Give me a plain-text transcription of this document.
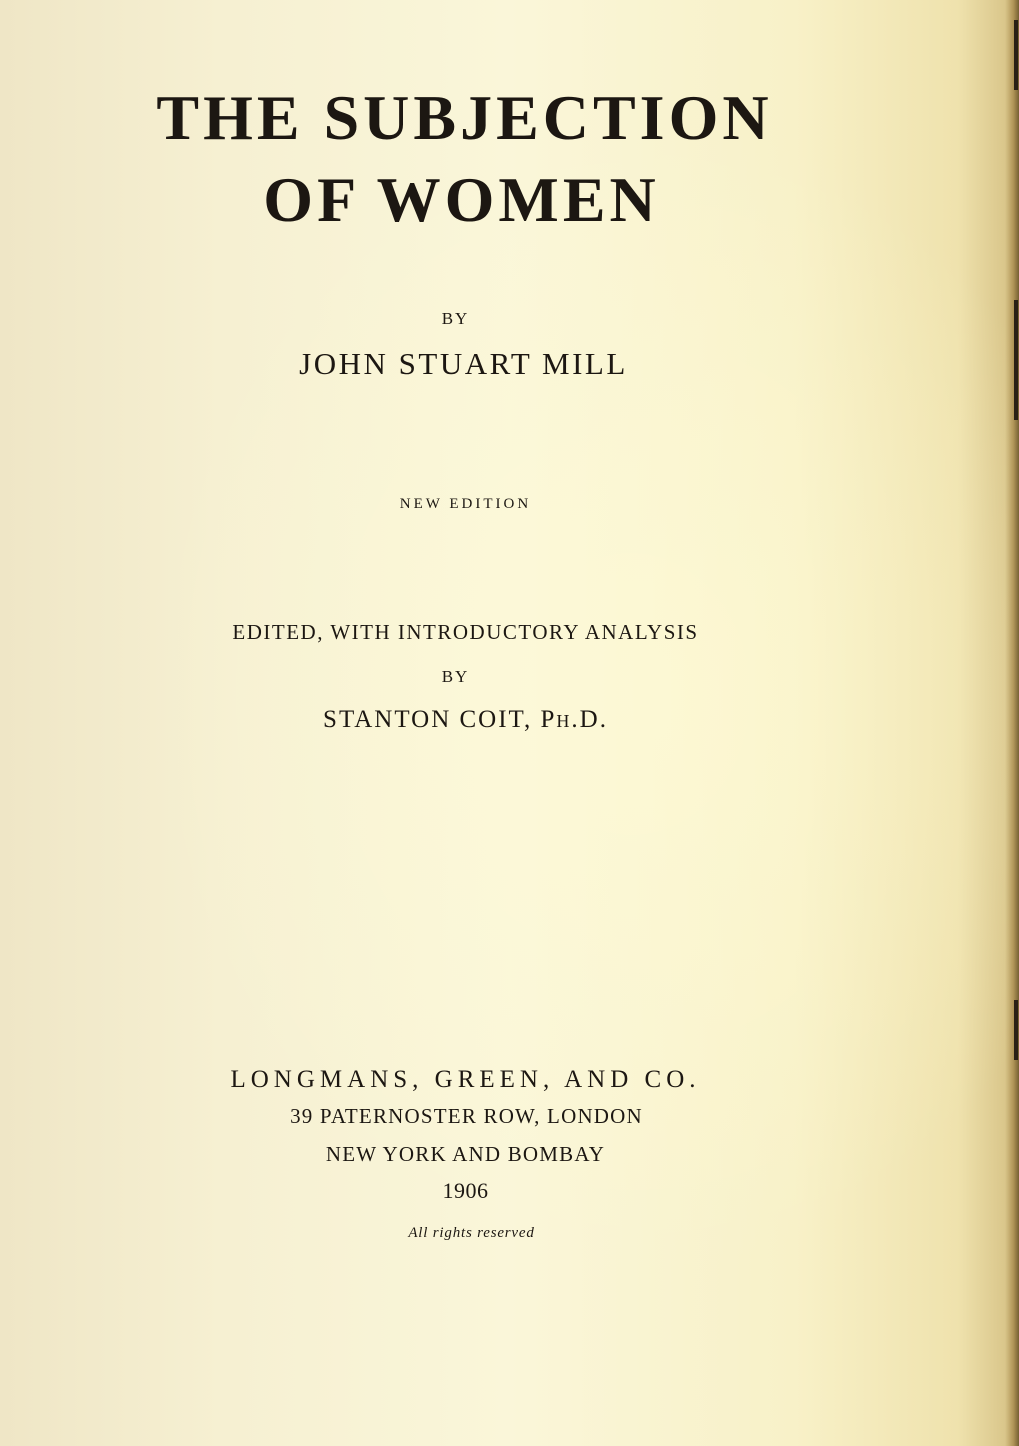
THE SUBJECTION
OF WOMEN

BY

JOHN STUART MILL

NEW EDITION

EDITED, WITH INTRODUCTORY ANALYSIS

BY

STANTON COIT, Ph.D.

LONGMANS, GREEN, AND CO.

39 PATERNOSTER ROW, LONDON

NEW YORK AND BOMBAY

1906

All rights reserved
